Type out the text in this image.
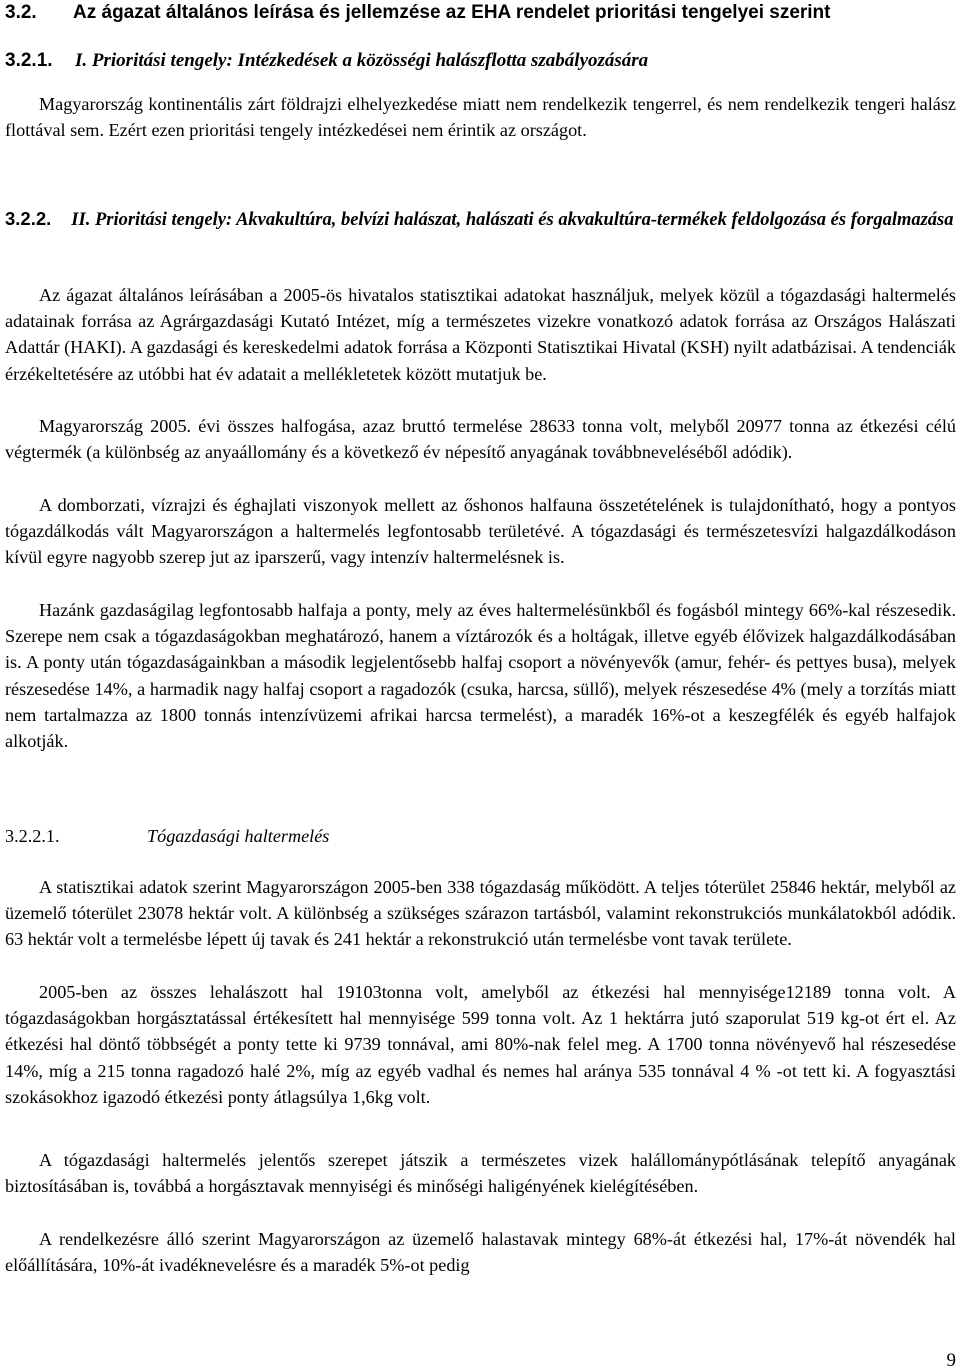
3.2. Az ágazat általános leírása és jellemzése az EHA rendelet prioritási tengelyei szerint
3.2.1. I. Prioritási tengely: Intézkedések a közösségi halászflotta szabályozására
Magyarország kontinentális zárt földrajzi elhelyezkedése miatt nem rendelkezik tengerrel, és nem rendelkezik tengeri halász flottával sem. Ezért ezen prioritási tengely intézkedései nem érintik az országot.
3.2.2. II. Prioritási tengely: Akvakultúra, belvízi halászat, halászati és akvakultúra-termékek feldolgozása és forgalmazása
Az ágazat általános leírásában a 2005-ös hivatalos statisztikai adatokat használjuk, melyek közül a tógazdasági haltermelés adatainak forrása az Agrárgazdasági Kutató Intézet, míg a természetes vizekre vonatkozó adatok forrása az Országos Halászati Adattár (HAKI). A gazdasági és kereskedelmi adatok forrása a Központi Statisztikai Hivatal (KSH) nyilt adatbázisai. A tendenciák érzékeltetésére az utóbbi hat év adatait a mellékletetek között mutatjuk be.
Magyarország 2005. évi összes halfogása, azaz bruttó termelése 28633 tonna volt, melyből 20977 tonna az étkezési célú végtermék (a különbség az anyaállomány és a következő év népesítő anyagának továbbneveléséből adódik).
A domborzati, vízrajzi és éghajlati viszonyok mellett az őshonos halfauna összetételének is tulajdonítható, hogy a pontyos tógazdálkodás vált Magyarországon a haltermelés legfontosabb területévé. A tógazdasági és természetesvízi halgazdálkodáson kívül egyre nagyobb szerep jut az iparszerű, vagy intenzív haltermelésnek is.
Hazánk gazdaságilag legfontosabb halfaja a ponty, mely az éves haltermelésünkből és fogásból mintegy 66%-kal részesedik. Szerepe nem csak a tógazdaságokban meghatározó, hanem a víztározók és a holtágak, illetve egyéb élővizek halgazdálkodásában is. A ponty után tógazdaságainkban a második legjelentősebb halfaj csoport a növényevők (amur, fehér- és pettyes busa), melyek részesedése 14%, a harmadik nagy halfaj csoport a ragadozók (csuka, harcsa, süllő), melyek részesedése 4% (mely a torzítás miatt nem tartalmazza az 1800 tonnás intenzívüzemi afrikai harcsa termelést), a maradék 16%-ot a keszegfélék és egyéb halfajok alkotják.
3.2.2.1.	Tógazdasági haltermelés
A statisztikai adatok szerint Magyarországon 2005-ben 338 tógazdaság működött. A teljes tóterület 25846 hektár, melyből az üzemelő tóterület 23078 hektár volt. A különbség a szükséges szárazon tartásból, valamint rekonstrukciós munkálatokból adódik. 63 hektár volt a termelésbe lépett új tavak és 241 hektár a rekonstrukció után termelésbe vont tavak területe.
2005-ben az összes lehalászott hal 19103tonna volt, amelyből az étkezési hal mennyisége12189 tonna volt. A tógazdaságokban horgásztatással értékesített hal mennyisége 599 tonna volt. Az 1 hektárra jutó szaporulat 519 kg-ot ért el. Az étkezési hal döntő többségét a ponty tette ki 9739 tonnával, ami 80%-nak felel meg. A 1700 tonna növényevő hal részesedése 14%, míg a 215 tonna ragadozó halé 2%, míg az egyéb vadhal és nemes hal aránya 535 tonnával 4 % -ot tett ki. A fogyasztási szokásokhoz igazodó étkezési ponty átlagsúlya 1,6kg volt.
A tógazdasági haltermelés jelentős szerepet játszik a természetes vizek halállománypótlásának telepítő anyagának biztosításában is, továbbá a horgásztavak mennyiségi és minőségi haligényének kielégítésében.
A rendelkezésre álló szerint Magyarországon az üzemelő halastavak mintegy 68%-át étkezési hal, 17%-át növendék hal előállítására, 10%-át ivadéknevelésre és a maradék 5%-ot pedig
9
